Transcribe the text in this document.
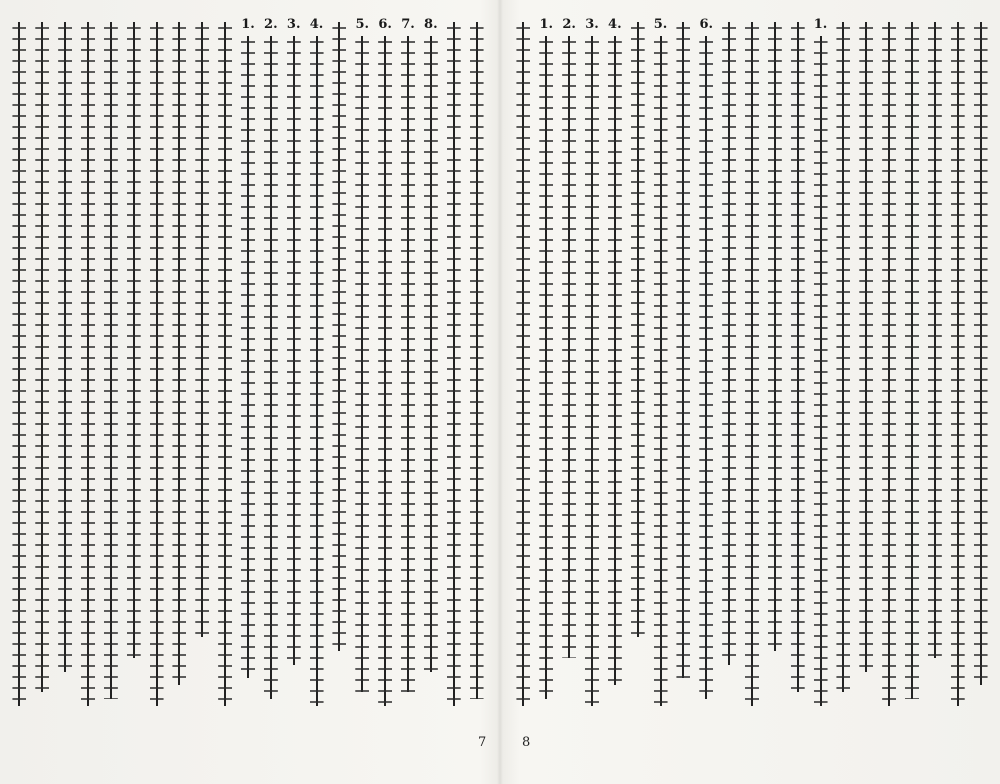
1. 2. 3. 4. 5. 6. 7. 8.	1. 2. 3. 4. 5. 6.	1.
7	8
